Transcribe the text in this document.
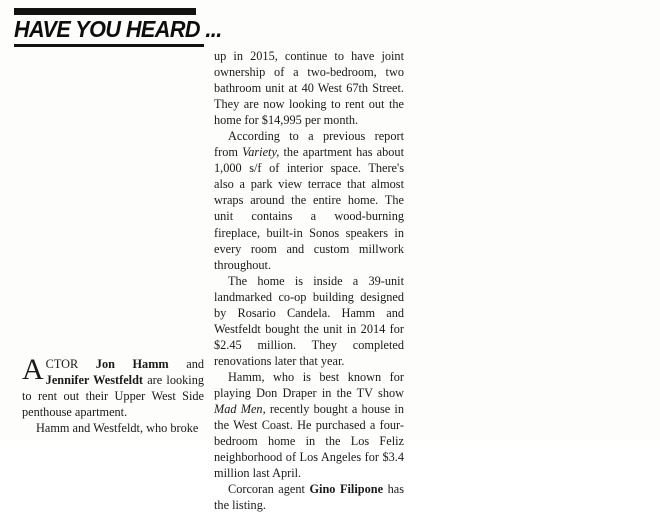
HAVE YOU HEARD ...

ACTOR Jon Hamm and Jennifer Westfeldt are looking to rent out their Upper West Side penthouse apartment.

Hamm and Westfeldt, who broke

up in 2015, continue to have joint ownership of a two-bedroom, two bathroom unit at 40 West 67th Street. They are now looking to rent out the home for $14,995 per month.

According to a previous report from Variety, the apartment has about 1,000 s/f of interior space. There's also a park view terrace that almost wraps around the entire home. The unit contains a wood-burning fireplace, built-in Sonos speakers in every room and custom millwork throughout.

The home is inside a 39-unit landmarked co-op building designed by Rosario Candela. Hamm and Westfeldt bought the unit in 2014 for $2.45 million. They completed renovations later that year.

Hamm, who is best known for playing Don Draper in the TV show Mad Men, recently bought a house in the West Coast. He purchased a four-bedroom home in the Los Feliz neighborhood of Los Angeles for $3.4 million last April.

Corcoran agent Gino Filipone has the listing.
